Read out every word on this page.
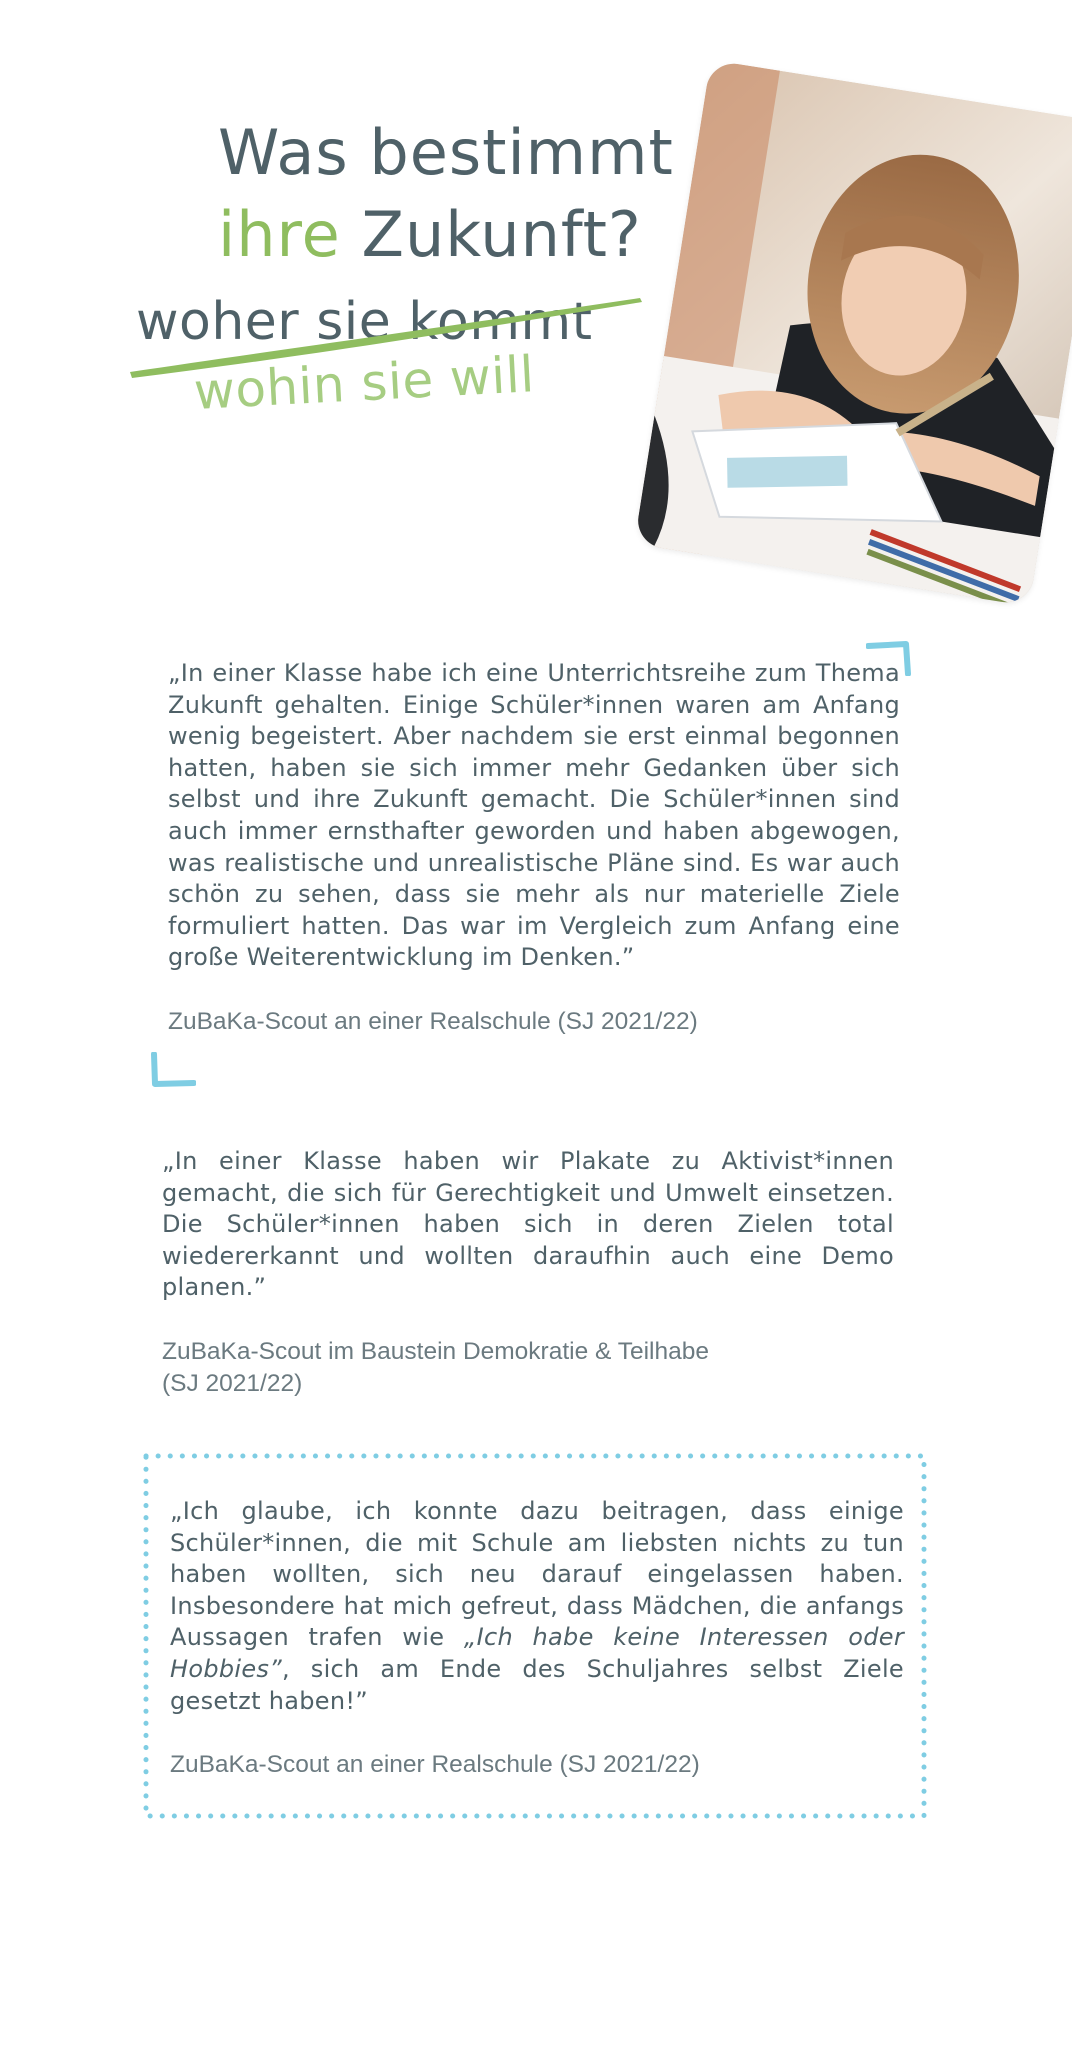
Was bestimmt
ihre Zukunft?
woher sie kommt
wohin sie will

„In einer Klasse habe ich eine Unterrichtsreihe zum Thema Zukunft gehalten. Einige Schüler*innen waren am Anfang wenig begeistert. Aber nachdem sie erst einmal begonnen hatten, haben sie sich immer mehr Gedanken über sich selbst und ihre Zukunft gemacht. Die Schüler*innen sind auch immer ernsthafter geworden und haben abgewogen, was realistische und unrealistische Pläne sind. Es war auch schön zu sehen, dass sie mehr als nur materielle Ziele formuliert hatten. Das war im Vergleich zum Anfang eine große Weiterentwicklung im Denken.”

ZuBaKa-Scout an einer Realschule (SJ 2021/22)

„In einer Klasse haben wir Plakate zu Aktivist*innen gemacht, die sich für Gerechtigkeit und Umwelt einsetzen. Die Schüler*innen haben sich in deren Zielen total wiedererkannt und wollten daraufhin auch eine Demo planen.”

ZuBaKa-Scout im Baustein Demokratie & Teilhabe
(SJ 2021/22)

„Ich glaube, ich konnte dazu beitragen, dass einige Schüler*innen, die mit Schule am liebsten nichts zu tun haben wollten, sich neu darauf eingelassen haben. Insbesondere hat mich gefreut, dass Mädchen, die anfangs Aussagen trafen wie „Ich habe keine Interessen oder Hobbies”, sich am Ende des Schuljahres selbst Ziele gesetzt haben!”

ZuBaKa-Scout an einer Realschule (SJ 2021/22)
